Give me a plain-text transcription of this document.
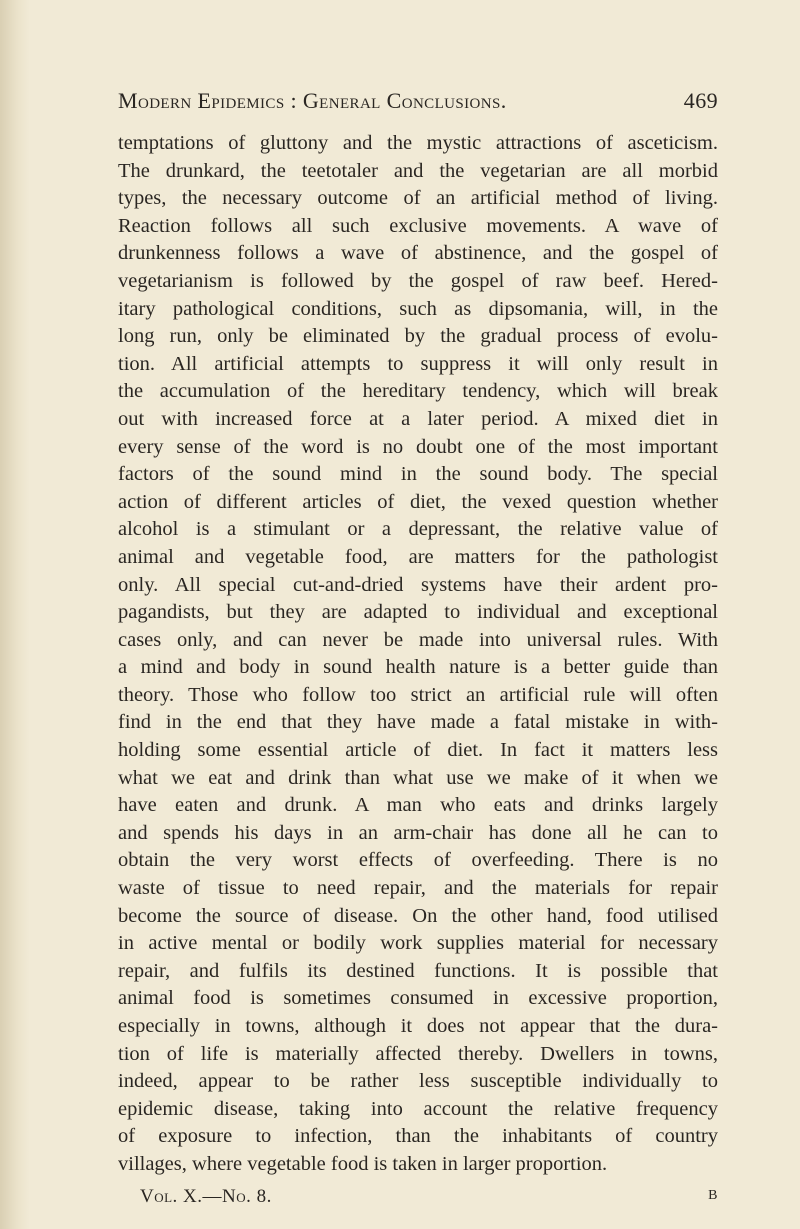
Modern Epidemics : General Conclusions.	469
temptations of gluttony and the mystic attractions of asceticism.
The drunkard, the teetotaler and the vegetarian are all morbid
types, the necessary outcome of an artificial method of living.
Reaction follows all such exclusive movements. A wave of
drunkenness follows a wave of abstinence, and the gospel of
vegetarianism is followed by the gospel of raw beef. Hered-
itary pathological conditions, such as dipsomania, will, in the
long run, only be eliminated by the gradual process of evolu-
tion. All artificial attempts to suppress it will only result in
the accumulation of the hereditary tendency, which will break
out with increased force at a later period. A mixed diet in
every sense of the word is no doubt one of the most important
factors of the sound mind in the sound body. The special
action of different articles of diet, the vexed question whether
alcohol is a stimulant or a depressant, the relative value of
animal and vegetable food, are matters for the pathologist
only. All special cut-and-dried systems have their ardent pro-
pagandists, but they are adapted to individual and exceptional
cases only, and can never be made into universal rules. With
a mind and body in sound health nature is a better guide than
theory. Those who follow too strict an artificial rule will often
find in the end that they have made a fatal mistake in with-
holding some essential article of diet. In fact it matters less
what we eat and drink than what use we make of it when we
have eaten and drunk. A man who eats and drinks largely
and spends his days in an arm-chair has done all he can to
obtain the very worst effects of overfeeding. There is no
waste of tissue to need repair, and the materials for repair
become the source of disease. On the other hand, food utilised
in active mental or bodily work supplies material for necessary
repair, and fulfils its destined functions. It is possible that
animal food is sometimes consumed in excessive proportion,
especially in towns, although it does not appear that the dura-
tion of life is materially affected thereby. Dwellers in towns,
indeed, appear to be rather less susceptible individually to
epidemic disease, taking into account the relative frequency
of exposure to infection, than the inhabitants of country
villages, where vegetable food is taken in larger proportion.
Vol. X.—No. 8.	B
